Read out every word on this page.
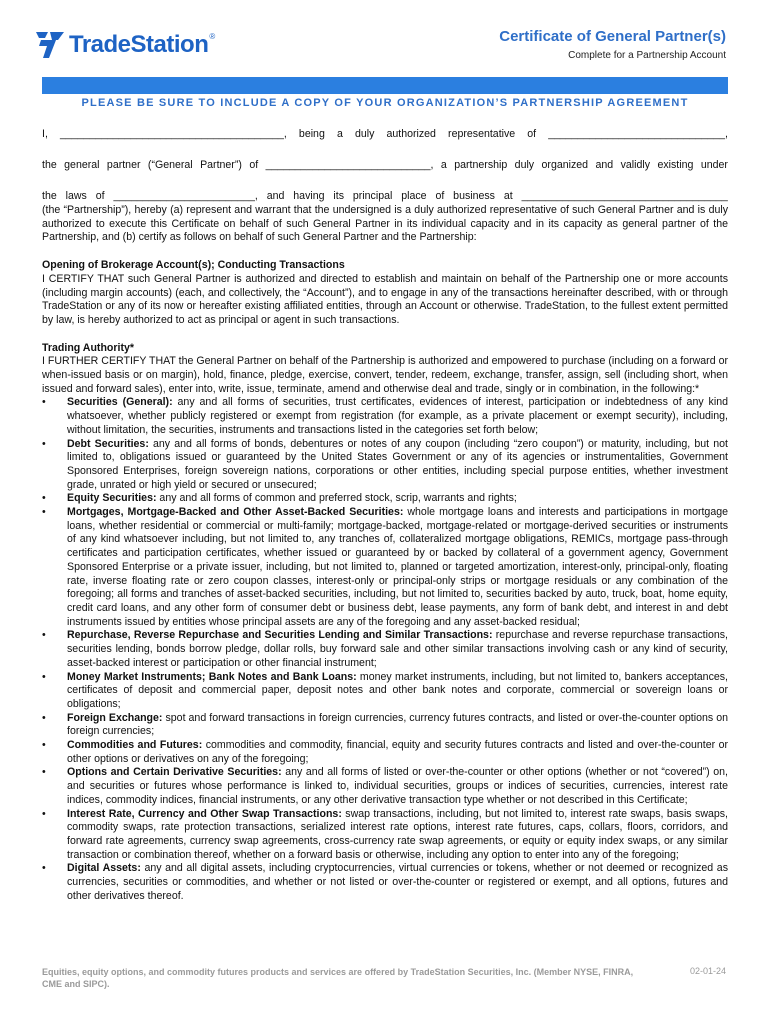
TradeStation ®	Certificate of General Partner(s)
Complete for a Partnership Account
PLEASE BE SURE TO INCLUDE A COPY OF YOUR ORGANIZATION’S PARTNERSHIP AGREEMENT
I, ______________________________________, being a duly authorized representative of ______________________________,
the general partner (“General Partner”) of ____________________________, a partnership duly organized and validly existing under
the laws of ________________________, and having its principal place of business at ___________________________________

(the “Partnership”), hereby (a) represent and warrant that the undersigned is a duly authorized representative of such General Partner and is duly authorized to execute this Certificate on behalf of such General Partner in its individual capacity and in its capacity as general partner of the Partnership, and (b) certify as follows on behalf of such General Partner and the Partnership:

Opening of Brokerage Account(s); Conducting Transactions

I CERTIFY THAT such General Partner is authorized and directed to establish and maintain on behalf of the Partnership one or more accounts (including margin accounts) (each, and collectively, the “Account”), and to engage in any of the transactions hereinafter described, with or through TradeStation or any of its now or hereafter existing affiliated entities, through an Account or otherwise. TradeStation, to the fullest extent permitted by law, is hereby authorized to act as principal or agent in such transactions.

Trading Authority*

I FURTHER CERTIFY THAT the General Partner on behalf of the Partnership is authorized and empowered to purchase (including on a forward or when-issued basis or on margin), hold, finance, pledge, exercise, convert, tender, redeem, exchange, transfer, assign, sell (including short, when issued and forward sales), enter into, write, issue, terminate, amend and otherwise deal and trade, singly or in combination, in the following:*

• Securities (General): any and all forms of securities, trust certificates, evidences of interest, participation or indebtedness of any kind whatsoever, whether publicly registered or exempt from registration (for example, as a private placement or exempt security), including, without limitation, the securities, instruments and transactions listed in the categories set forth below;
• Debt Securities: any and all forms of bonds, debentures or notes of any coupon (including “zero coupon”) or maturity, including, but not limited to, obligations issued or guaranteed by the United States Government or any of its agencies or instrumentalities, Government Sponsored Enterprises, foreign sovereign nations, corporations or other entities, including special purpose entities, whether investment grade, unrated or high yield or secured or unsecured;
• Equity Securities: any and all forms of common and preferred stock, scrip, warrants and rights;
• Mortgages, Mortgage-Backed and Other Asset-Backed Securities: whole mortgage loans and interests and participations in mortgage loans, whether residential or commercial or multi-family; mortgage-backed, mortgage-related or mortgage-derived securities or instruments of any kind whatsoever including, but not limited to, any tranches of, collateralized mortgage obligations, REMICs, mortgage pass-through certificates and participation certificates, whether issued or guaranteed by or backed by collateral of a government agency, Government Sponsored Enterprise or a private issuer, including, but not limited to, planned or targeted amortization, interest-only, principal-only, floating rate, inverse floating rate or zero coupon classes, interest-only or principal-only strips or mortgage residuals or any combination of the foregoing; all forms and tranches of asset-backed securities, including, but not limited to, securities backed by auto, truck, boat, home equity, credit card loans, and any other form of consumer debt or business debt, lease payments, any form of bank debt, and interest in and debt instruments issued by entities whose principal assets are any of the foregoing and any asset-backed residual;
• Repurchase, Reverse Repurchase and Securities Lending and Similar Transactions: repurchase and reverse repurchase transactions, securities lending, bonds borrow pledge, dollar rolls, buy forward sale and other similar transactions involving cash or any kind of security, asset-backed interest or participation or other financial instrument;
• Money Market Instruments; Bank Notes and Bank Loans: money market instruments, including, but not limited to, bankers acceptances, certificates of deposit and commercial paper, deposit notes and other bank notes and corporate, commercial or sovereign loans or obligations;
• Foreign Exchange: spot and forward transactions in foreign currencies, currency futures contracts, and listed or over-the-counter options on foreign currencies;
• Commodities and Futures: commodities and commodity, financial, equity and security futures contracts and listed and over-the-counter or other options or derivatives on any of the foregoing;
• Options and Certain Derivative Securities: any and all forms of listed or over-the-counter or other options (whether or not “covered”) on, and securities or futures whose performance is linked to, individual securities, groups or indices of securities, currencies, interest rate indices, commodity indices, financial instruments, or any other derivative transaction type whether or not described in this Certificate;
• Interest Rate, Currency and Other Swap Transactions: swap transactions, including, but not limited to, interest rate swaps, basis swaps, commodity swaps, rate protection transactions, serialized interest rate options, interest rate futures, caps, collars, floors, corridors, and forward rate agreements, currency swap agreements, cross-currency rate swap agreements, or equity or equity index swaps, or any similar transaction or combination thereof, whether on a forward basis or otherwise, including any option to enter into any of the foregoing;
• Digital Assets: any and all digital assets, including cryptocurrencies, virtual currencies or tokens, whether or not deemed or recognized as currencies, securities or commodities, and whether or not listed or over-the-counter or registered or exempt, and all options, futures and other derivatives thereof.
Equities, equity options, and commodity futures products and services are offered by TradeStation Securities, Inc. (Member NYSE, FINRA, CME and SIPC).
02-01-24
